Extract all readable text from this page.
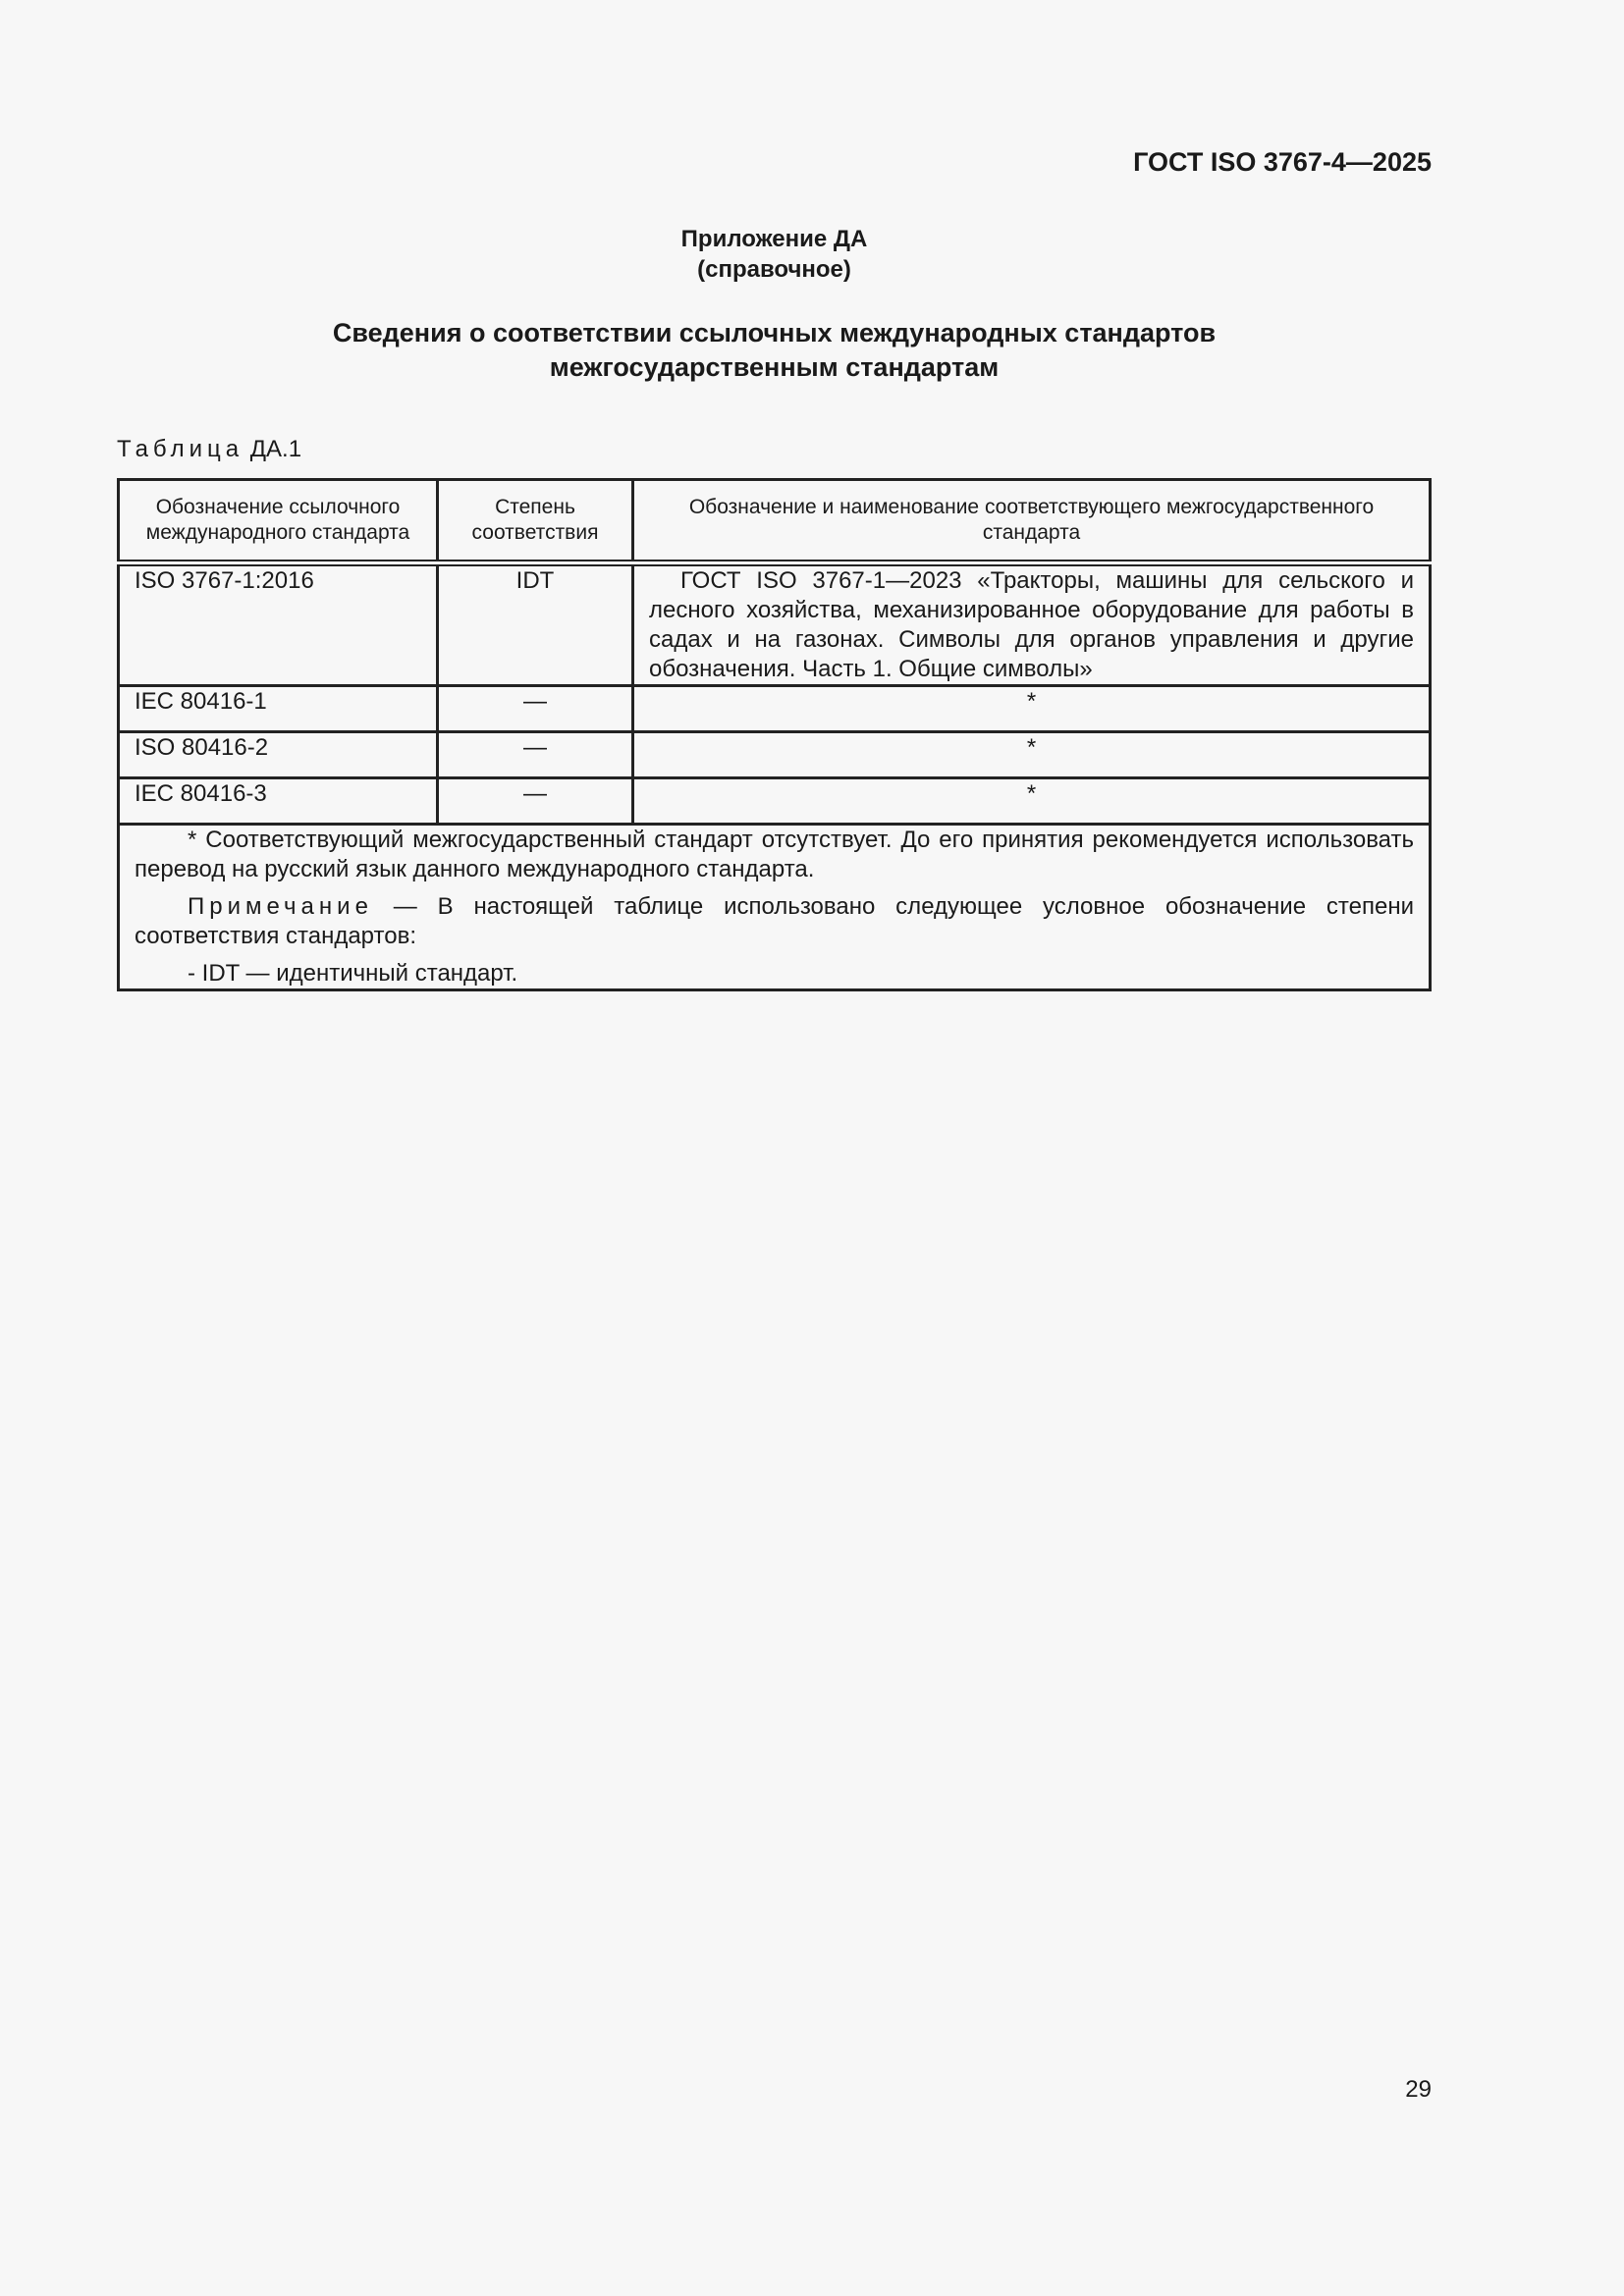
ГОСТ ISO 3767-4—2025
Приложение ДА
(справочное)
Сведения о соответствии ссылочных международных стандартов
межгосударственным стандартам
Таблица ДА.1
Обозначение ссылочного международного стандарта	Степень соответствия	Обозначение и наименование соответствующего межгосударственного стандарта
ISO 3767-1:2016	IDT	ГОСТ ISO 3767-1—2023 «Тракторы, машины для сельского и лесного хозяйства, механизированное оборудование для работы в садах и на газонах. Символы для органов управления и другие обозначения. Часть 1. Общие символы»
IEC 80416-1	—	*
ISO 80416-2	—	*
IEC 80416-3	—	*

* Соответствующий межгосударственный стандарт отсутствует. До его принятия рекомендуется использовать перевод на русский язык данного международного стандарта.

Примечание — В настоящей таблице использовано следующее условное обозначение степени соответствия стандартов:

- IDT — идентичный стандарт.		

29
